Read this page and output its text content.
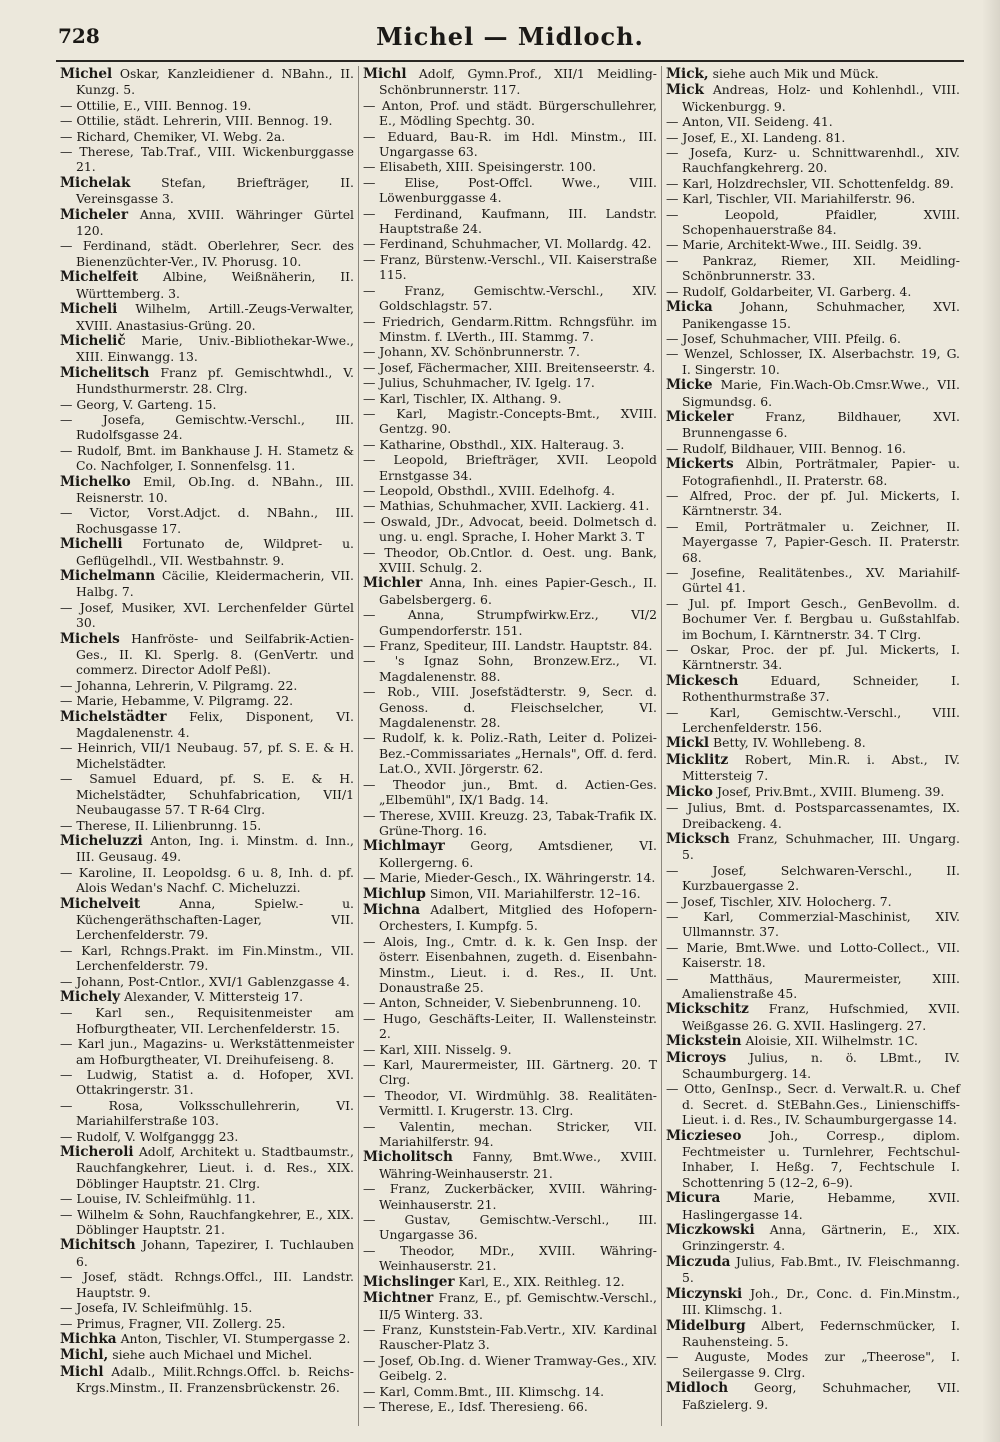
728	Michel — Midloch.

Michel Oskar, Kanzleidiener d. NBahn., II. Kunzg. 5.

— Ottilie, E., VIII. Bennog. 19.

— Ottilie, städt. Lehrerin, VIII. Bennog. 19.

— Richard, Chemiker, VI. Webg. 2a.

— Therese, Tab.Traf., VIII. Wickenburggasse 21.

Michelak Stefan, Briefträger, II. Vereinsgasse 3.

Micheler Anna, XVIII. Währinger Gürtel 120.

— Ferdinand, städt. Oberlehrer, Secr. des Bienenzüchter-Ver., IV. Phorusg. 10.

Michelfeit Albine, Weißnäherin, II. Württemberg. 3.

Micheli Wilhelm, Artill.-Zeugs-Verwalter, XVIII. Anastasius-Grüng. 20.

Michelič Marie, Univ.-Bibliothekar-Wwe., XIII. Einwangg. 13.

Michelitsch Franz pf. Gemischtwhdl., V. Hundsthurmerstr. 28. Clrg.

— Georg, V. Garteng. 15.

— Josefa, Gemischtw.-Verschl., III. Rudolfsgasse 24.

— Rudolf, Bmt. im Bankhause J. H. Stametz & Co. Nachfolger, I. Sonnenfelsg. 11.

Michelko Emil, Ob.Ing. d. NBahn., III. Reisnerstr. 10.

— Victor, Vorst.Adjct. d. NBahn., III. Rochusgasse 17.

Michelli Fortunato de, Wildpret- u. Geflügelhdl., VII. Westbahnstr. 9.

Michelmann Cäcilie, Kleidermacherin, VII. Halbg. 7.

— Josef, Musiker, XVI. Lerchenfelder Gürtel 30.

Michels Hanfröste- und Seilfabrik-Actien-Ges., II. Kl. Sperlg. 8. (GenVertr. und commerz. Director Adolf Peßl).

— Johanna, Lehrerin, V. Pilgramg. 22.

— Marie, Hebamme, V. Pilgramg. 22.

Michelstädter Felix, Disponent, VI. Magdalenenstr. 4.

— Heinrich, VII/1 Neubaug. 57, pf. S. E. & H. Michelstädter.

— Samuel Eduard, pf. S. E. & H. Michelstädter, Schuhfabrication, VII/1 Neubaugasse 57. T R-64 Clrg.

— Therese, II. Lilienbrunng. 15.

Micheluzzi Anton, Ing. i. Minstm. d. Inn., III. Geusaug. 49.

— Karoline, II. Leopoldsg. 6 u. 8, Inh. d. pf. Alois Wedan's Nachf. C. Micheluzzi.

Michelveit	Anna, Spielw.- u. Küchengeräthschaften-Lager, VII. Lerchenfelderstr. 79.

— Karl, Rchngs.Prakt. im Fin.Minstm., VII. Lerchenfelderstr. 79.

— Johann, Post-Cntlor., XVI/1 Gablenzgasse 4.

Michely Alexander, V. Mittersteig 17.

— Karl sen., Requisitenmeister am Hofburgtheater, VII. Lerchenfelderstr. 15.

— Karl jun., Magazins- u. Werkstättenmeister am Hofburgtheater, VI. Dreihufeiseng. 8.

— Ludwig, Statist a. d. Hofoper, XVI. Ottakringerstr. 31.

— Rosa, Volksschullehrerin, VI. Mariahilferstraße 103.

— Rudolf, V. Wolfganggg 23.

Micheroli Adolf, Architekt u. Stadtbaumstr., Rauchfangkehrer, Lieut. i. d. Res., XIX. Döblinger Hauptstr. 21. Clrg.

— Louise, IV. Schleifmühlg. 11.

— Wilhelm & Sohn, Rauchfangkehrer, E., XIX. Döblinger Hauptstr. 21.

Michitsch Johann, Tapezirer, I. Tuchlauben 6.

— Josef, städt. Rchngs.Offcl., III. Landstr. Hauptstr. 9.

— Josefa, IV. Schleifmühlg. 15.

— Primus, Fragner, VII. Zollerg. 25.

Michka Anton, Tischler, VI. Stumpergasse 2.

Michl, siehe auch Michael und Michel.

Michl Adalb., Milit.Rchngs.Offcl. b. Reichs-Krgs.Minstm., II. Franzensbrückenstr. 26.

Michl Adolf, Gymn.Prof., XII/1 Meidling-Schönbrunnerstr. 117.

— Anton, Prof. und städt. Bürgerschullehrer, E., Mödling Spechtg. 30.

— Eduard, Bau-R. im Hdl. Minstm., III. Ungargasse 63.

— Elisabeth, XIII. Speisingerstr. 100.

— Elise, Post-Offcl. Wwe., VIII. Löwenburggasse 4.

— Ferdinand, Kaufmann, III. Landstr. Hauptstraße 24.

— Ferdinand, Schuhmacher, VI. Mollardg. 42.

— Franz, Bürstenw.-Verschl., VII. Kaiserstraße 115.

— Franz, Gemischtw.-Verschl., XIV. Goldschlagstr. 57.

— Friedrich, Gendarm.Rittm. Rchngsführ. im Minstm. f. LVerth., III. Stammg. 7.

— Johann, XV. Schönbrunnerstr. 7.

— Josef, Fächermacher, XIII. Breitenseerstr. 4.

— Julius, Schuhmacher, IV. Igelg. 17.

— Karl, Tischler, IX. Althang. 9.

— Karl, Magistr.-Concepts-Bmt., XVIII. Gentzg. 90.

— Katharine, Obsthdl., XIX. Halteraug. 3.

— Leopold, Briefträger, XVII. Leopold Ernstgasse 34.

— Leopold, Obsthdl., XVIII. Edelhofg. 4.

— Mathias, Schuhmacher, XVII. Lackierg. 41.

— Oswald, JDr., Advocat, beeid. Dolmetsch d. ung. u. engl. Sprache, I. Hoher Markt 3. T

— Theodor, Ob.Cntlor. d. Oest. ung. Bank, XVIII. Schulg. 2.

Michler Anna, Inh. eines Papier-Gesch., II. Gabelsbergerg. 6.

— Anna, Strumpfwirkw.Erz., VI/2 Gumpendorferstr. 151.

— Franz, Spediteur, III. Landstr. Hauptstr. 84.

— 's Ignaz Sohn, Bronzew.Erz., VI. Magdalenenstr. 88.

— Rob., VIII. Josefstädterstr. 9, Secr. d. Genoss. d. Fleischselcher, VI. Magdalenenstr. 28.

— Rudolf, k. k. Poliz.-Rath, Leiter d. Polizei-Bez.-Commissariates „Hernals", Off. d. ferd. Lat.O., XVII. Jörgerstr. 62.

— Theodor jun., Bmt. d. Actien-Ges. „Elbemühl", IX/1 Badg. 14.

— Therese, XVIII. Kreuzg. 23, Tabak-Trafik IX. Grüne-Thorg. 16.

Michlmayr Georg, Amtsdiener, VI. Kollergerng. 6.

— Marie, Mieder-Gesch., IX. Währingerstr. 14.

Michlup Simon, VII. Mariahilferstr. 12–16.

Michna Adalbert, Mitglied des Hofopern-Orchesters, I. Kumpfg. 5.

— Alois, Ing., Cmtr. d. k. k. Gen Insp. der österr. Eisenbahnen, zugeth. d. Eisenbahn-Minstm., Lieut. i. d. Res., II. Unt. Donaustraße 25.

— Anton, Schneider, V. Siebenbrunneng. 10.

— Hugo, Geschäfts-Leiter, II. Wallensteinstr. 2.

— Karl, XIII. Nisselg. 9.

— Karl, Maurermeister, III. Gärtnerg. 20. T Clrg.

— Theodor, VI. Wirdmühlg. 38. Realitäten-Vermittl. I. Krugerstr. 13. Clrg.

— Valentin, mechan. Stricker, VII. Mariahilferstr. 94.

Micholitsch Fanny, Bmt.Wwe., XVIII. Währing-Weinhauserstr. 21.

— Franz, Zuckerbäcker, XVIII. Währing-Weinhauserstr. 21.

— Gustav, Gemischtw.-Verschl., III. Ungargasse 36.

— Theodor, MDr., XVIII. Währing-Weinhauserstr. 21.

Michslinger Karl, E., XIX. Reithleg. 12.

Michtner Franz, E., pf. Gemischtw.-Verschl., II/5 Winterg. 33.

— Franz, Kunststein-Fab.Vertr., XIV. Kardinal Rauscher-Platz 3.

— Josef, Ob.Ing. d. Wiener Tramway-Ges., XIV. Geibelg. 2.

— Karl, Comm.Bmt., III. Klimschg. 14.

— Therese, E., Idsf. Theresieng. 66.

Mick, siehe auch Mik und Mück.

Mick Andreas, Holz- und Kohlenhdl., VIII. Wickenburgg. 9.

— Anton, VII. Seideng. 41.

— Josef, E., XI. Landeng. 81.

— Josefa, Kurz- u. Schnittwarenhdl., XIV. Rauchfangkehrerg. 20.

— Karl, Holzdrechsler, VII. Schottenfeldg. 89.

— Karl, Tischler, VII. Mariahilferstr. 96.

— Leopold, Pfaidler, XVIII. Schopenhauerstraße 84.

— Marie, Architekt-Wwe., III. Seidlg. 39.

— Pankraz, Riemer, XII. Meidling-Schönbrunnerstr. 33.

— Rudolf, Goldarbeiter, VI. Garberg. 4.

Micka Johann, Schuhmacher, XVI. Panikengasse 15.

— Josef, Schuhmacher, VIII. Pfeilg. 6.

— Wenzel, Schlosser, IX. Alserbachstr. 19, G. I. Singerstr. 10.

Micke Marie, Fin.Wach-Ob.Cmsr.Wwe., VII. Sigmundsg. 6.

Mickeler	Franz, Bildhauer, XVI. Brunnengasse 6.

— Rudolf, Bildhauer, VIII. Bennog. 16.

Mickerts Albin, Porträtmaler, Papier- u. Fotografienhdl., II. Praterstr. 68.

— Alfred, Proc. der pf. Jul. Mickerts, I. Kärntnerstr. 34.

— Emil, Porträtmaler u. Zeichner, II. Mayergasse 7, Papier-Gesch. II. Praterstr. 68.

— Josefine, Realitätenbes., XV. Mariahilf-Gürtel 41.

— Jul. pf. Import Gesch., GenBevollm. d. Bochumer Ver. f. Bergbau u. Gußstahlfab. im Bochum, I. Kärntnerstr. 34. T Clrg.

— Oskar, Proc. der pf. Jul. Mickerts, I. Kärntnerstr. 34.

Mickesch	Eduard, Schneider, I. Rothenthurmstraße 37.

— Karl, Gemischtw.-Verschl., VIII. Lerchenfelderstr. 156.

Mickl Betty, IV. Wohllebeng. 8.

Micklitz Robert, Min.R. i. Abst., IV. Mittersteig 7.

Micko Josef, Priv.Bmt., XVIII. Blumeng. 39.

— Julius, Bmt. d. Postsparcassenamtes, IX. Dreibackeng. 4.

Micksch Franz, Schuhmacher, III. Ungarg. 5.

— Josef, Selchwaren-Verschl., II. Kurzbauergasse 2.

— Josef, Tischler, XIV. Holocherg. 7.

— Karl, Commerzial-Maschinist, XIV. Ullmannstr. 37.

— Marie, Bmt.Wwe. und Lotto-Collect., VII. Kaiserstr. 18.

— Matthäus, Maurermeister, XIII. Amalienstraße 45.

Mickschitz Franz, Hufschmied, XVII. Weißgasse 26. G. XVII. Haslingerg. 27.

Mickstein Aloisie, XII. Wilhelmstr. 1C.

Microys Julius, n. ö. LBmt., IV. Schaumburgerg. 14.

— Otto, GenInsp., Secr. d. Verwalt.R. u. Chef d. Secret. d. StEBahn.Ges., Linienschiffs-Lieut. i. d. Res., IV. Schaumburgergasse 14.

Miczieseo Joh., Corresp., diplom. Fechtmeister u. Turnlehrer, Fechtschul-Inhaber, I. Heßg. 7, Fechtschule I. Schottenring 5 (12–2, 6–9).

Micura	Marie, Hebamme, XVII. Haslingergasse 14.

Miczkowski Anna, Gärtnerin, E., XIX. Grinzingerstr. 4.

Miczuda Julius, Fab.Bmt., IV. Fleischmanng. 5.

Miczynski Joh., Dr., Conc. d. Fin.Minstm., III. Klimschg. 1.

Midelburg Albert, Federnschmücker, I. Rauhensteing. 5.

— Auguste, Modes zur „Theerose", I. Seilergasse 9. Clrg.

Midloch Georg, Schuhmacher, VII. Faßzielerg. 9.
